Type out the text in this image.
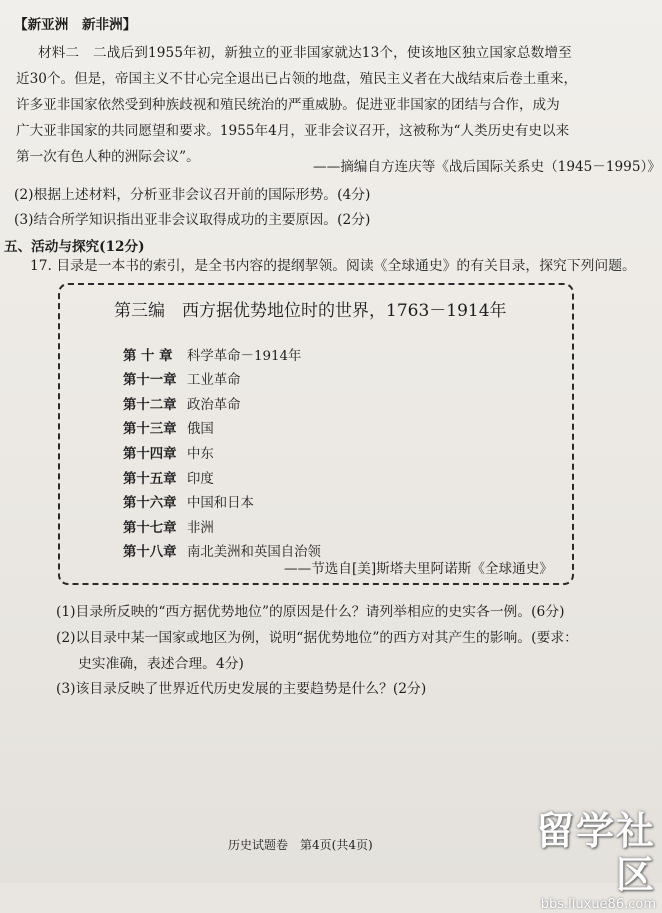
【新亚洲　新非洲】
材料二　二战后到1955年初，新独立的亚非国家就达13个，使该地区独立国家总数增至
近30个。但是，帝国主义不甘心完全退出已占领的地盘，殖民主义者在大战结束后卷土重来，
许多亚非国家依然受到种族歧视和殖民统治的严重威胁。促进亚非国家的团结与合作，成为
广大亚非国家的共同愿望和要求。1955年4月，亚非会议召开，这被称为“人类历史有史以来
第一次有色人种的洲际会议”。
——摘编自方连庆等《战后国际关系史（1945－1995）》
(2)根据上述材料，分析亚非会议召开前的国际形势。(4分)
(3)结合所学知识指出亚非会议取得成功的主要原因。(2分)
五、活动与探究(12分)
17. 目录是一本书的索引，是全书内容的提纲挈领。阅读《全球通史》的有关目录，探究下列问题。
第三编　西方据优势地位时的世界，1763－1914年
第 十 章 科学革命－1914年
第十一章 工业革命
第十二章 政治革命
第十三章 俄国
第十四章 中东
第十五章 印度
第十六章 中国和日本
第十七章 非洲
第十八章 南北美洲和英国自治领
——节选自[美]斯塔夫里阿诺斯《全球通史》
(1)目录所反映的“西方据优势地位”的原因是什么？请列举相应的史实各一例。(6分)
(2)以目录中某一国家或地区为例，说明“据优势地位”的西方对其产生的影响。(要求：
史实准确，表述合理。4分)
(3)该目录反映了世界近代历史发展的主要趋势是什么？(2分)
历史试题卷　第4页(共4页)	留学社区
bbs.liuxue86.com
